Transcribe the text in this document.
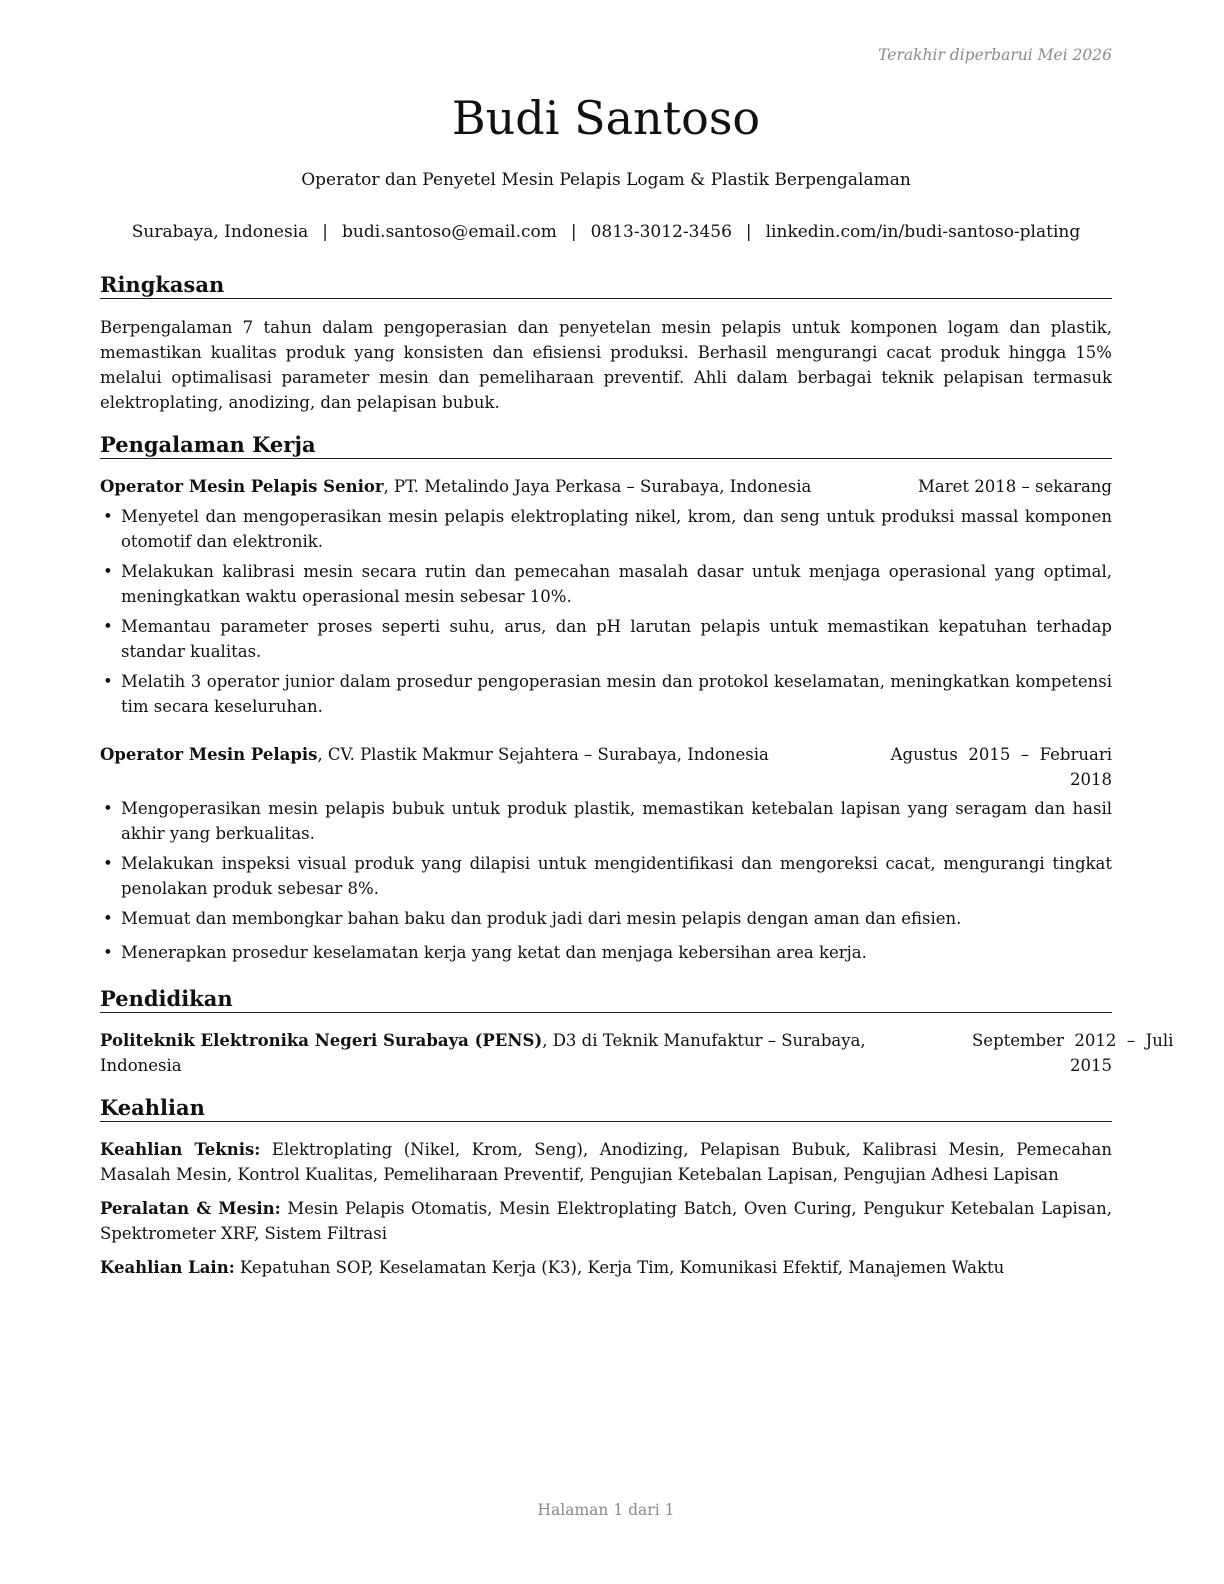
Terakhir diperbarui Mei 2026
Budi Santoso
Operator dan Penyetel Mesin Pelapis Logam & Plastik Berpengalaman
Surabaya, Indonesia | budi.santoso@email.com | 0813-3012-3456 | linkedin.com/in/budi-santoso-plating
Ringkasan

Berpengalaman 7 tahun dalam pengoperasian dan penyetelan mesin pelapis untuk komponen logam dan plastik, memastikan kualitas produk yang konsisten dan efisiensi produksi. Berhasil mengurangi cacat produk hingga 15% melalui optimalisasi parameter mesin dan pemeliharaan preventif. Ahli dalam berbagai teknik pelapisan termasuk elektroplating, anodizing, dan pelapisan bubuk.

Pengalaman Kerja
Operator Mesin Pelapis Senior, PT. Metalindo Jaya Perkasa – Surabaya, Indonesia	Maret 2018 – sekarang
• Menyetel dan mengoperasikan mesin pelapis elektroplating nikel, krom, dan seng untuk produksi massal komponen otomotif dan elektronik.
• Melakukan kalibrasi mesin secara rutin dan pemecahan masalah dasar untuk menjaga operasional yang optimal, meningkatkan waktu operasional mesin sebesar 10%.
• Memantau parameter proses seperti suhu, arus, dan pH larutan pelapis untuk memastikan kepatuhan terhadap standar kualitas.
• Melatih 3 operator junior dalam prosedur pengoperasian mesin dan protokol keselamatan, meningkatkan kompetensi tim secara keseluruhan.
Operator Mesin Pelapis, CV. Plastik Makmur Sejahtera – Surabaya, Indonesia	Agustus  2015  –  Februari
2018
• Mengoperasikan mesin pelapis bubuk untuk produk plastik, memastikan ketebalan lapisan yang seragam dan hasil akhir yang berkualitas.
• Melakukan inspeksi visual produk yang dilapisi untuk mengidentifikasi dan mengoreksi cacat, mengurangi tingkat penolakan produk sebesar 8%.
• Memuat dan membongkar bahan baku dan produk jadi dari mesin pelapis dengan aman dan efisien.
• Menerapkan prosedur keselamatan kerja yang ketat dan menjaga kebersihan area kerja.
Pendidikan
Politeknik Elektronika Negeri Surabaya (PENS), D3 di Teknik Manufaktur – Surabaya, Indonesia
September  2012  –  Juli
2015
Keahlian

Keahlian Teknis: Elektroplating (Nikel, Krom, Seng), Anodizing, Pelapisan Bubuk, Kalibrasi Mesin, Pemecahan Masalah Mesin, Kontrol Kualitas, Pemeliharaan Preventif, Pengujian Ketebalan Lapisan, Pengujian Adhesi Lapisan

Peralatan & Mesin: Mesin Pelapis Otomatis, Mesin Elektroplating Batch, Oven Curing, Pengukur Ketebalan Lapisan, Spektrometer XRF, Sistem Filtrasi

Keahlian Lain: Kepatuhan SOP, Keselamatan Kerja (K3), Kerja Tim, Komunikasi Efektif, Manajemen Waktu

Halaman 1 dari 1
